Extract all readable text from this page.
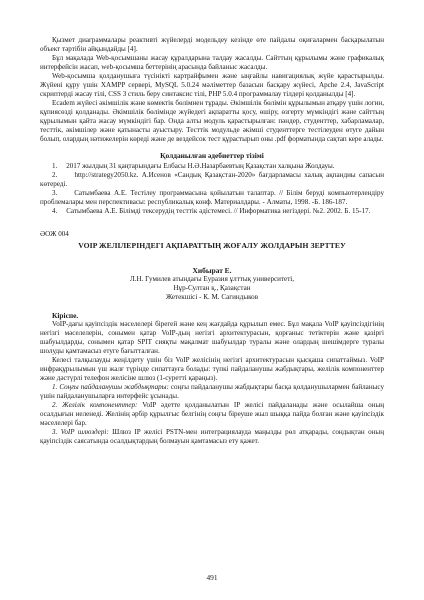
Қызмет диаграммалары реактивті жүйелерді модельдеу кезінде өте пайдалы оқиғалармен басқарылатын объект тәртібін айқындайды [4].

Бұл мақалада Web-қосымшаны жасау құралдарына талдау жасалды. Сайттың құрылымы және графикалық интерфейсін жасап, web-қосымша беттерінің арасында байланыс жасалды.

Web-қосымша қолданушыға түсінікті картрайфымен және ыңғайлы навигациялық жүйе қарастырылды. Жүйені құру үшін XAMPP сервері, MySQL 5.0.24 мәліметтер базасын басқару жүйесі, Apche 2.4, JavaScript скриптерді жасау тілі, CSS 3 стиль беру синтаксис тілі, PHP 5.0.4 программалау тілдері қолданылды [4].

Ecadem жүйесі әкімшілік және көмектік бөлімнен тұрады. Әкімшілік бөлімін құрылымын атқару үшін логин, құпиясөзді қолданады. Әкімшілік бөлімінде жүйедегі ақпаратты қосу, өшіру, өзгерту мүмкіндігі және сайттың құрылымын қайта жасау мүмкіндігі бар. Онда алты модуль қарастырылған: пәндер, студенттер, хабарламалар, тесттік, әкімшілер және қатынасты ауыстыру. Тесттік модульде әкімші студенттерге тестілеуден өтуге дайын болып, олардың нәтижелерін көреді және де вездейсок тест құрастырып оны .pdf форматында сақтап кере алады.

Қолданылған әдебиеттер тізімі

1.     2017 жылдың 31 қаңтарындағы Елбасы Н.Ә.Назарбаевтың Қазақстан халқына Жолдауы.

2.     http://strategy2050.kz. А.Исенов «Сандық Қазақстан-2020» бағдарламасы халық ақпандиы сапасын көтереді.

3.     Сатымбаева А.Е. Тестілеу программасына қойылатын талаптар. // Білім беруді компьютерлендіру проблемалары мен перспективасы: республикалық конф. Материалдары. - Алматы, 1998. -Б. 186-187.

4.     Сатымбаева А.Е. Білімді тексерудің тесттік әдістемесі. // Информатика негіздері. №2. 2002. Б. 15-17.

ӘОЖ 004
VOIP ЖЕЛІЛЕРІНДЕГІ АҚПАРАТТЫҢ ЖОҒАЛУ ЖОЛДАРЫН ЗЕРТТЕУ
Хибырат Е.
Л.Н. Гумилев атындағы Еуразия ұлттық университеті,
Нұр-Султан қ., Қазақстан
Жетекшісі - К. М. Сагиндыков
Кіріспе.

VoIP-дағы қауіпсіздік мәселелері бірегей және кең жағдайда құрылып емес. Бұл мақала VoIP қауіпсіздігінің негізгі мәселелерін, сонымен қатар VoIP-дың негізгі архитектурасын, қорғаныс тетіктерін және қазіргі шабуылдарды, сонымен қатар SPIT сияқты мақалмат шабуылдар туралы және олардың шешімдерге туралы шолуды қамтамасыз етуге бағытталған.

Келесі талқылауды жеңілдету үшін біз VoIP желісінің негізгі архитектурасын қысқаша сипаттаймыз. VoIP инфрақұрылымын үш жалғ түрінде сипаттауға болады: түпкі пайдаланушы жабдықтары, желілік компоненттер және дәстүрлі телефон желісіне шлюз (1-суретті қараңыз).

1. Соңғы пайдаланушы жабдықтары: соңғы пайдаланушы жабдықтары басқа қолданушылармен байланысу үшін пайдаланушыларға интерфейс ұсынады.

2. Желілік компоненттер: VoIP әдетте қолданылатын IP желісі пайдаланады және осылайша оның осалдығын иеленеді. Желінің әрбір құрылғыс белгінің соңғы біреуше жыл шыққа пайда болған және қауіпсіздік мәселелері бар.

3. VoIP шлюздері: Шлюз IP желісі PSTN-мен интеграциялауда маңызды рөл атқарады, сондықтан оның қауіпсіздік саясатында осалдықтардың болмауын қамтамасыз ету қажет.

491
